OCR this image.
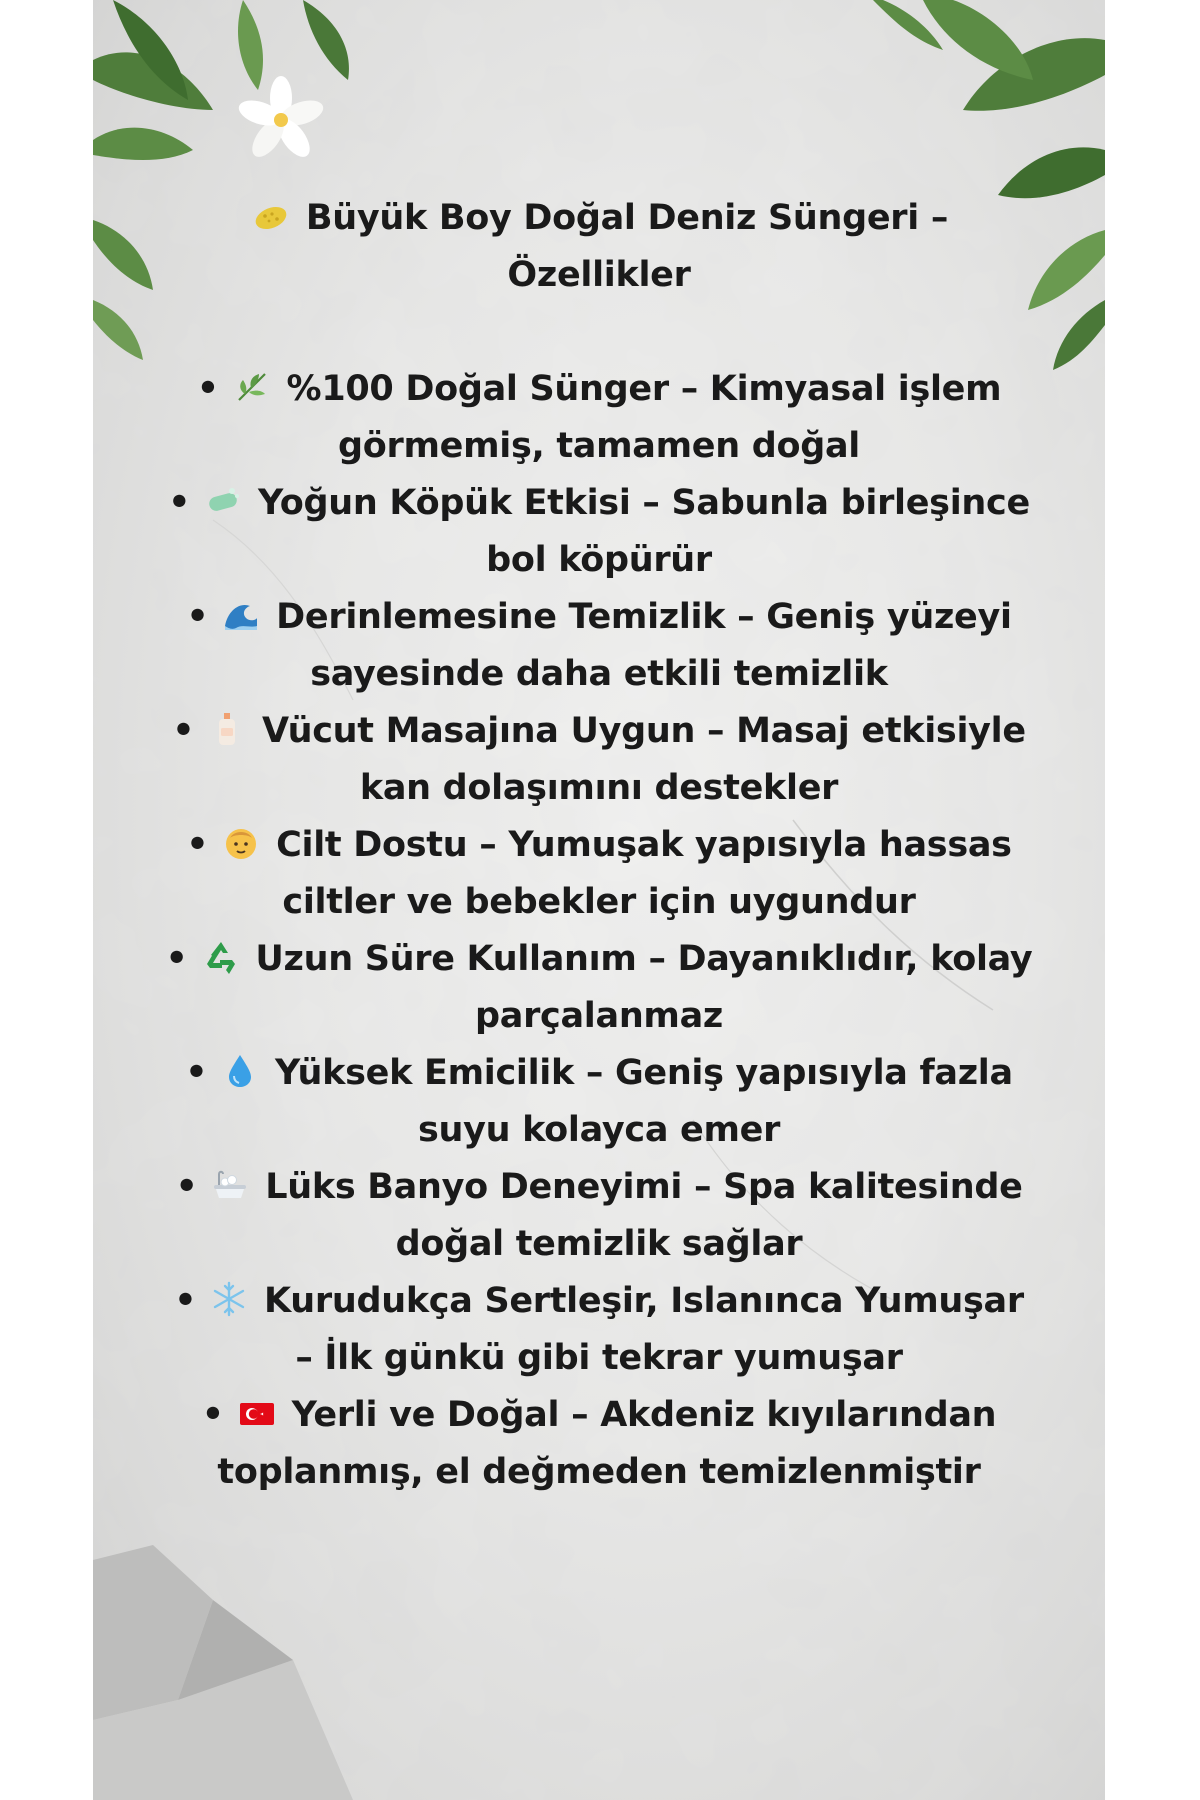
Büyük Boy Doğal Deniz Süngeri – Özellikler
•
%100 Doğal Sünger – Kimyasal işlem görmemiş, tamamen doğal
•
Yoğun Köpük Etkisi – Sabunla birleşince bol köpürür
•
Derinlemesine Temizlik – Geniş yüzeyi sayesinde daha etkili temizlik
•
Vücut Masajına Uygun – Masaj etkisiyle kan dolaşımını destekler
•
Cilt Dostu – Yumuşak yapısıyla hassas ciltler ve bebekler için uygundur
•
Uzun Süre Kullanım – Dayanıklıdır, kolay parçalanmaz
•
Yüksek Emicilik – Geniş yapısıyla fazla suyu kolayca emer
•
Lüks Banyo Deneyimi – Spa kalitesinde doğal temizlik sağlar
•
Kurudukça Sertleşir, Islanınca Yumuşar – İlk günkü gibi tekrar yumuşar
•
Yerli ve Doğal – Akdeniz kıyılarından toplanmış, el değmeden temizlenmiştir
